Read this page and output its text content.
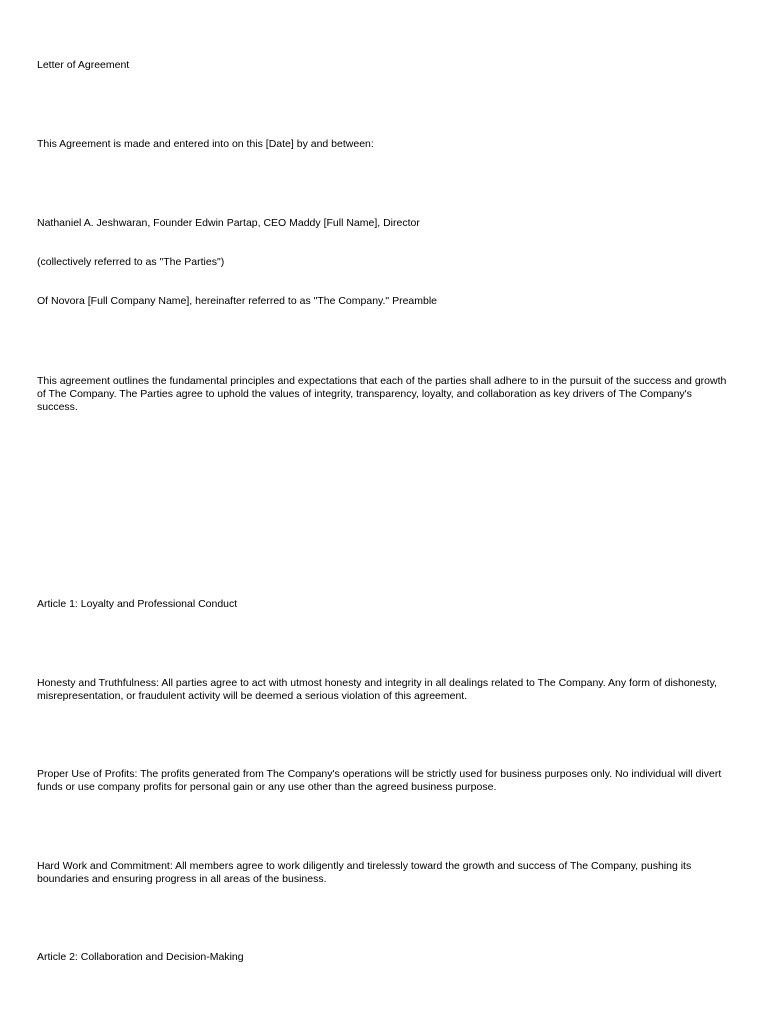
Letter of Agreement

This Agreement is made and entered into on this [Date] by and between:

Nathaniel A. Jeshwaran, Founder Edwin Partap, CEO Maddy [Full Name], Director

(collectively referred to as "The Parties")

Of Novora [Full Company Name], hereinafter referred to as "The Company." Preamble

This agreement outlines the fundamental principles and expectations that each of the parties shall adhere to in the pursuit of the success and growth of The Company. The Parties agree to uphold the values of integrity, transparency, loyalty, and collaboration as key drivers of The Company's success.

Article 1: Loyalty and Professional Conduct

Honesty and Truthfulness: All parties agree to act with utmost honesty and integrity in all dealings related to The Company. Any form of dishonesty, misrepresentation, or fraudulent activity will be deemed a serious violation of this agreement.

Proper Use of Profits: The profits generated from The Company's operations will be strictly used for business purposes only. No individual will divert funds or use company profits for personal gain or any use other than the agreed business purpose.

Hard Work and Commitment: All members agree to work diligently and tirelessly toward the growth and success of The Company, pushing its boundaries and ensuring progress in all areas of the business.

Article 2: Collaboration and Decision-Making
